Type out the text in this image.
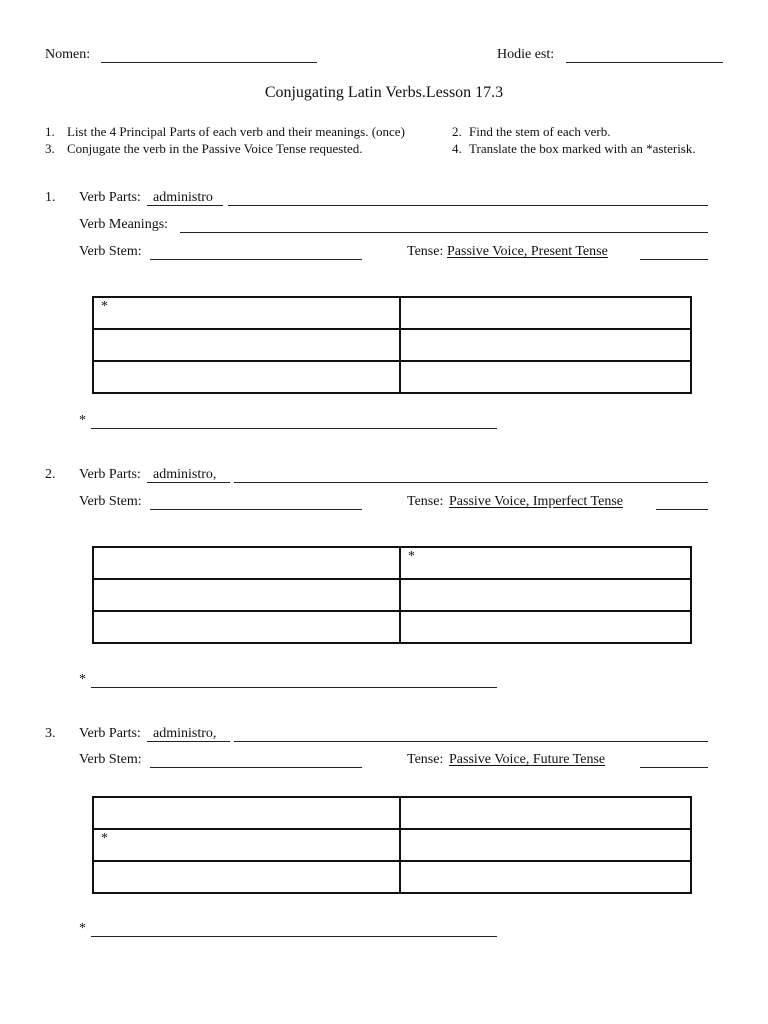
Nomen:	Hodie est:
Conjugating Latin Verbs.Lesson 17.3
1. List the 4 Principal Parts of each verb and their meanings. (once)	2. Find the stem of each verb.
3. Conjugate the verb in the Passive Voice Tense requested.	4. Translate the box marked with an *asterisk.
1. Verb Parts: administro
Verb Meanings:
Verb Stem:	Tense: Passive Voice, Present Tense
*	

*
2. Verb Parts: administro,
Verb Stem:	Tense: Passive Voice, Imperfect Tense

	*

*
3. Verb Parts: administro,
Verb Stem:	Tense: Passive Voice, Future Tense

*	

*
